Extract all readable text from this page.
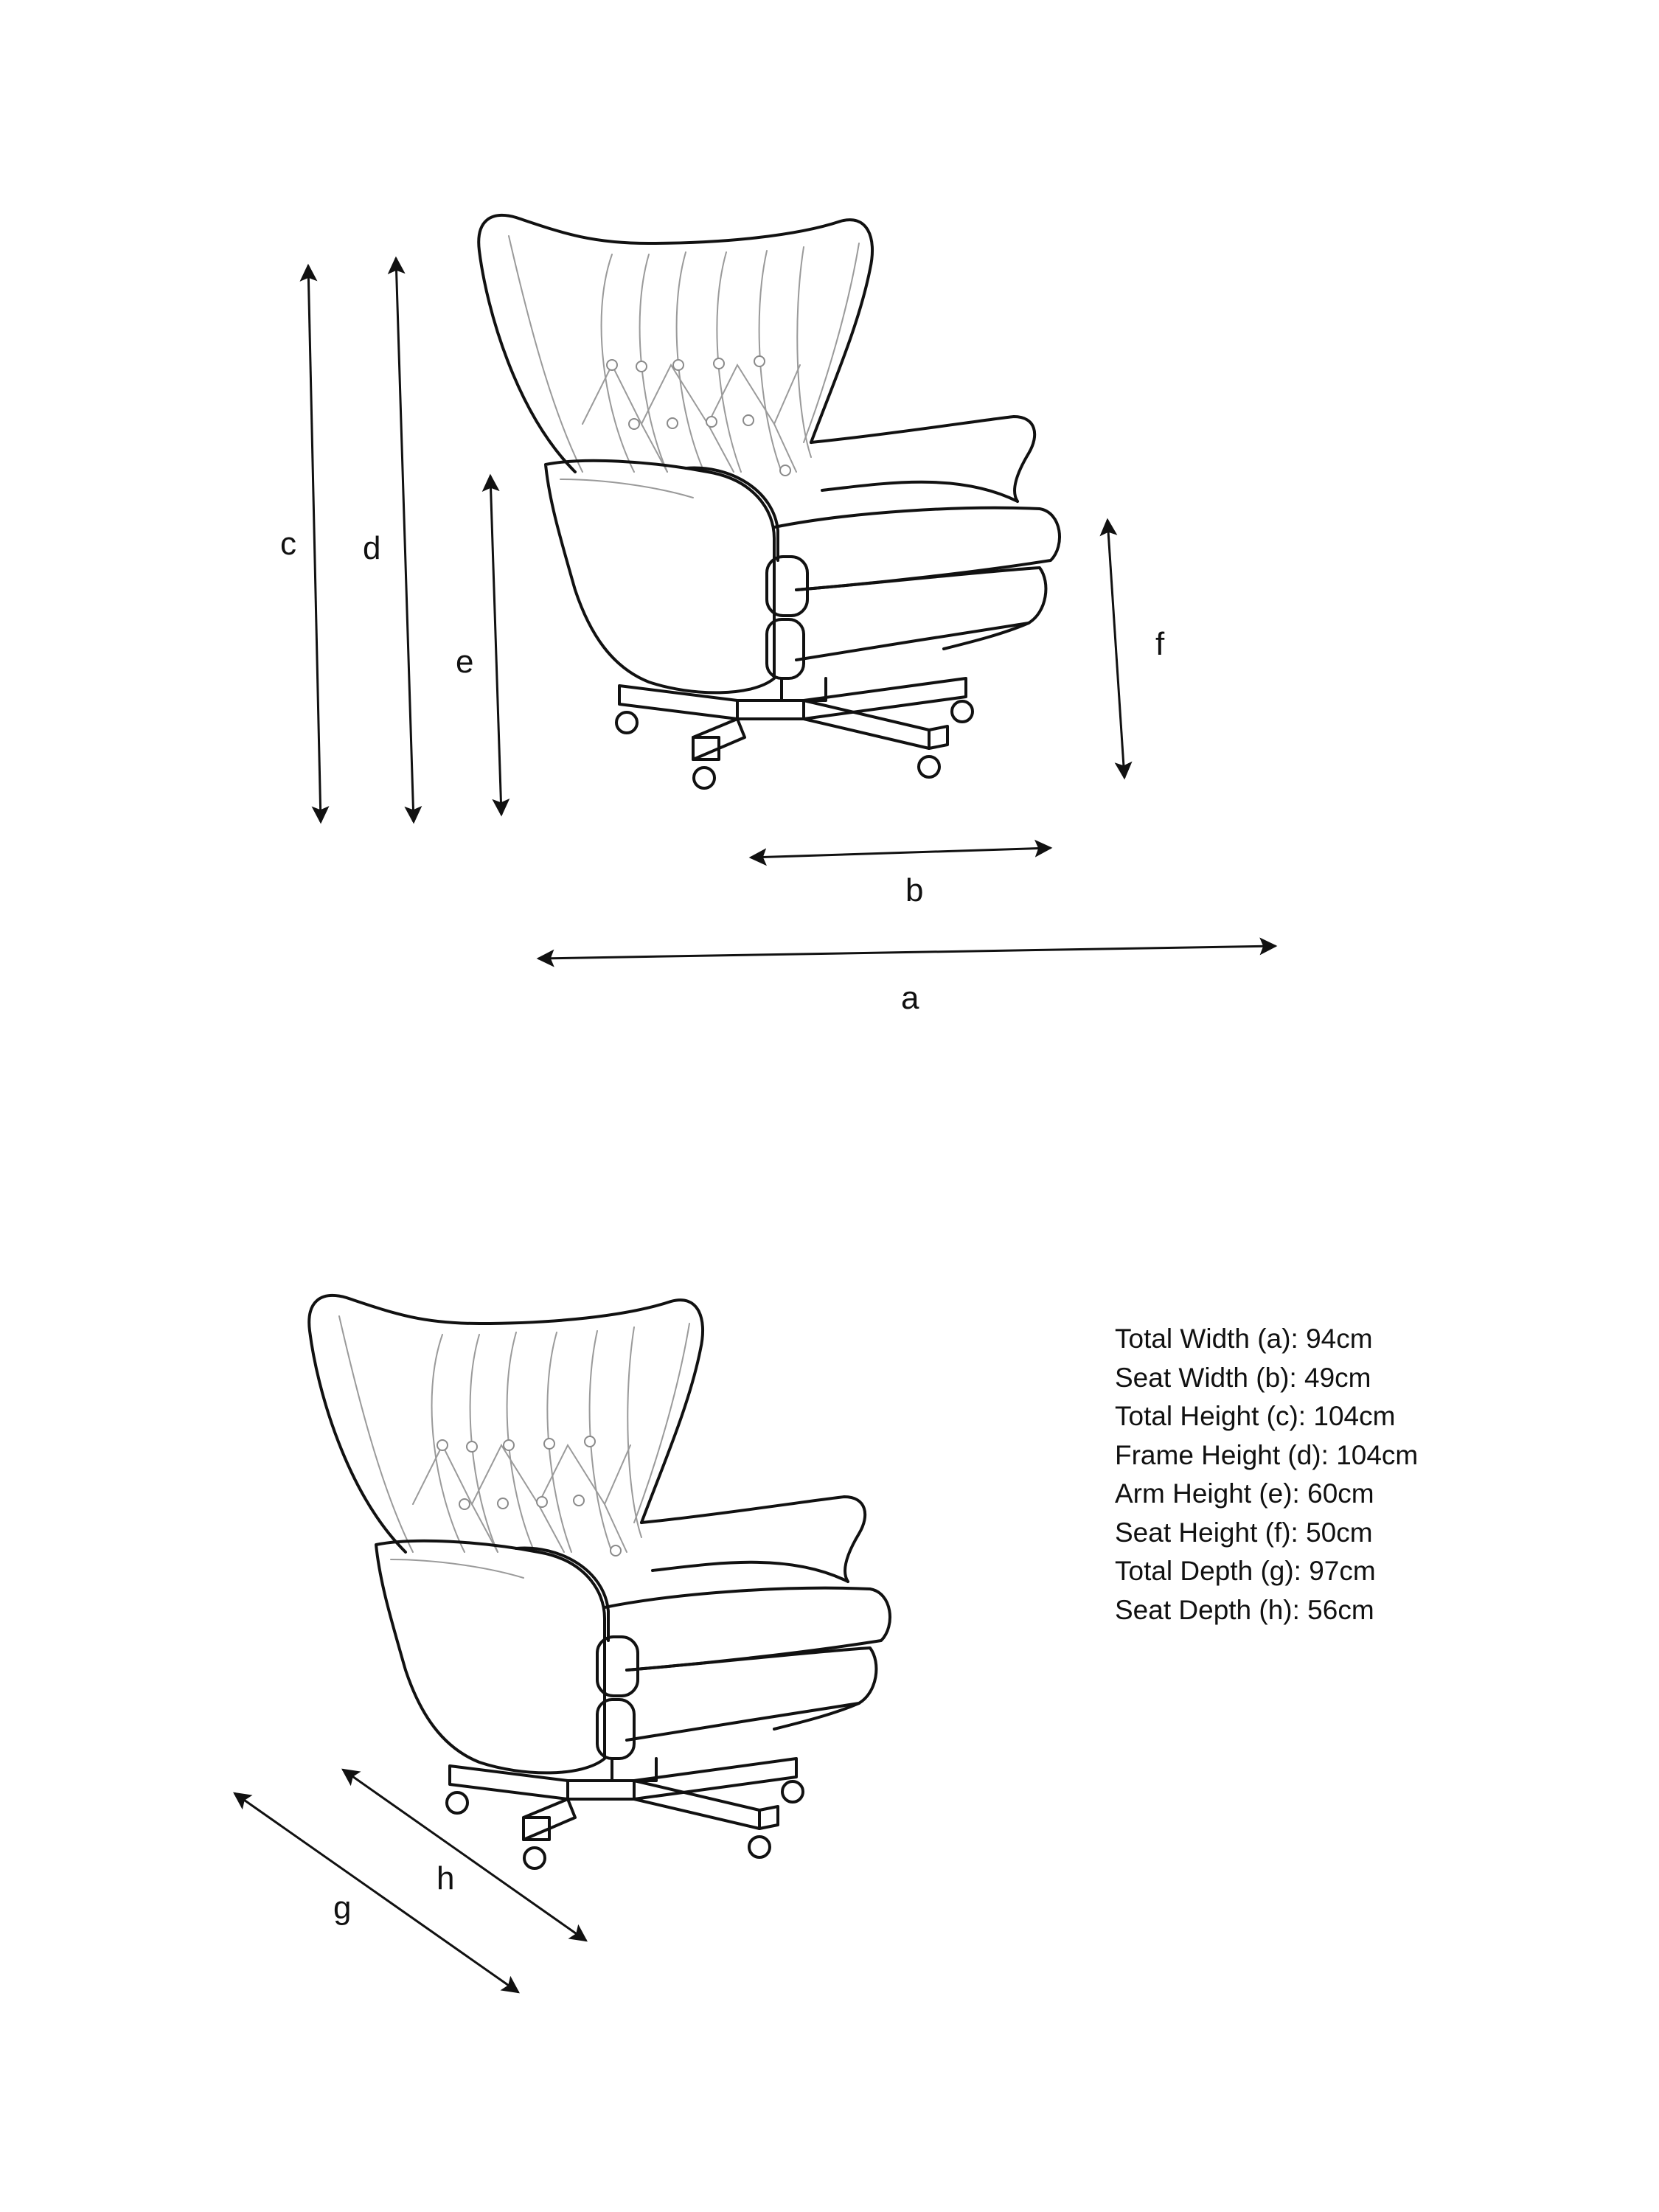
c d
e	f
b
a
h
g
Total Width (a): 94cm
Seat Width (b): 49cm
Total Height (c): 104cm
Frame Height (d): 104cm
Arm Height (e): 60cm
Seat Height (f): 50cm
Total Depth (g): 97cm
Seat Depth (h): 56cm
